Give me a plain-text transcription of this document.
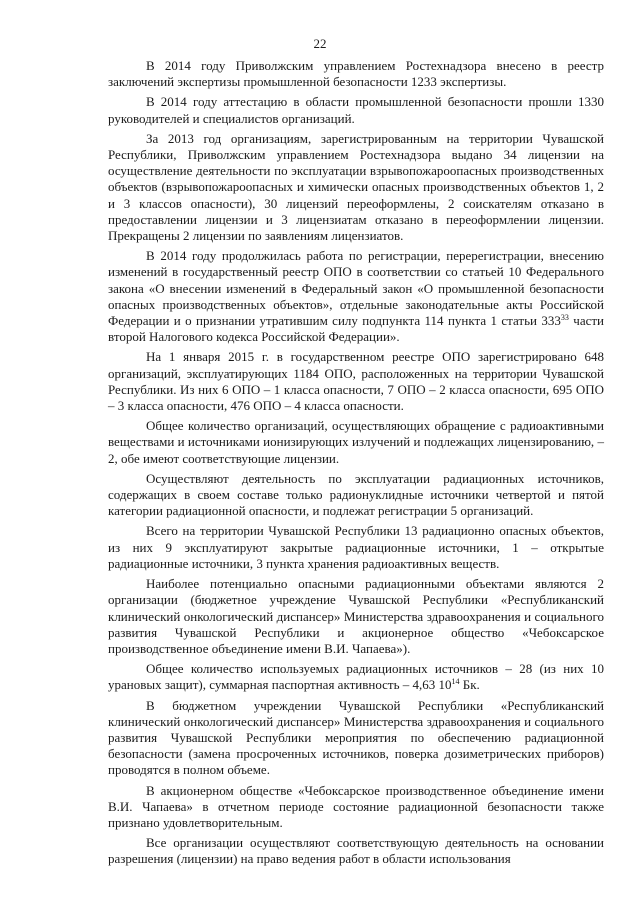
22

В 2014 году Приволжским управлением Ростехнадзора внесено в реестр заключений экспертизы промышленной безопасности 1233 экспертизы.

В 2014 году аттестацию в области промышленной безопасности прошли 1330 руководителей и специалистов организаций.

За 2013 год организациям, зарегистрированным на территории Чувашской Республики, Приволжским управлением Ростехнадзора выдано 34 лицензии на осуществление деятельности по эксплуатации взрывопожароопасных производственных объектов (взрывопожароопасных и химически опасных производственных объектов 1, 2 и 3 классов опасности), 30 лицензий переоформлены, 2 соискателям отказано в предоставлении лицензии и 3 лицензиатам отказано в переоформлении лицензии. Прекращены 2 лицензии по заявлениям лицензиатов.

В 2014 году продолжилась работа по регистрации, перерегистрации, внесению изменений в государственный реестр ОПО в соответствии со статьей 10 Федерального закона «О внесении изменений в Федеральный закон «О промышленной безопасности опасных производственных объектов», отдельные законодательные акты Российской Федерации и о признании утратившим силу подпункта 114 пункта 1 статьи $333^{33}$ части второй Налогового кодекса Российской Федерации».

На 1 января 2015 г. в государственном реестре ОПО зарегистрировано 648 организаций, эксплуатирующих 1184 ОПО, расположенных на территории Чувашской Республики. Из них 6 ОПО – 1 класса опасности, 7 ОПО – 2 класса опасности, 695 ОПО – 3 класса опасности, 476 ОПО – 4 класса опасности.

Общее количество организаций, осуществляющих обращение с радиоактивными веществами и источниками ионизирующих излучений и подлежащих лицензированию, – 2, обе имеют соответствующие лицензии.

Осуществляют деятельность по эксплуатации радиационных источников, содержащих в своем составе только радионуклидные источники четвертой и пятой категории радиационной опасности, и подлежат регистрации 5 организаций.

Всего на территории Чувашской Республики 13 радиационно опасных объектов, из них 9 эксплуатируют закрытые радиационные источники, 1 – открытые радиационные источники, 3 пункта хранения радиоактивных веществ.

Наиболее потенциально опасными радиационными объектами являются 2 организации (бюджетное учреждение Чувашской Республики «Республиканский клинический онкологический диспансер» Министерства здравоохранения и социального развития Чувашской Республики и акционерное общество «Чебоксарское производственное объединение имени В.И. Чапаева»).

Общее количество используемых радиационных источников – 28 (из них 10 урановых защит), суммарная паспортная активность – 4,63 $10^{14}$ Бк.

В бюджетном учреждении Чувашской Республики «Республиканский клинический онкологический диспансер» Министерства здравоохранения и социального развития Чувашской Республики мероприятия по обеспечению радиационной безопасности (замена просроченных источников, поверка дозиметрических приборов) проводятся в полном объеме.

В акционерном обществе «Чебоксарское производственное объединение имени В.И. Чапаева» в отчетном периоде состояние радиационной безопасности также признано удовлетворительным.

Все организации осуществляют соответствующую деятельность на основании разрешения (лицензии) на право ведения работ в области использования
